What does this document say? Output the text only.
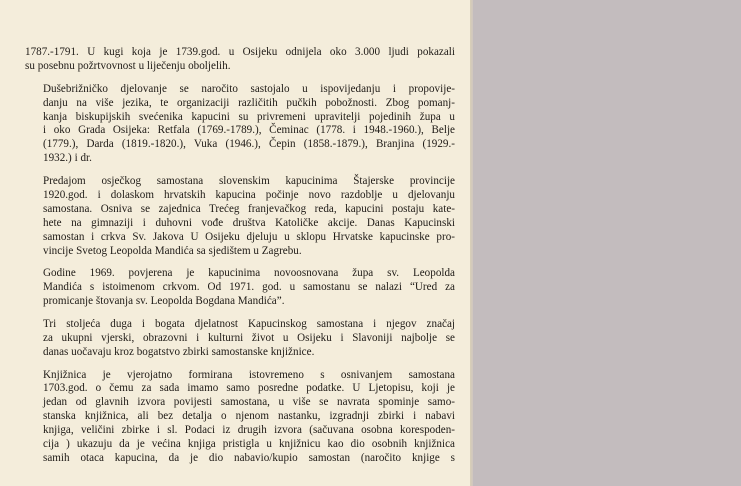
1787.-1791. U kugi koja je 1739.god. u Osijeku odnijela oko 3.000 ljudi pokazali
su posebnu požrtvovnost u liječenju oboljelih.

Dušebrižničko djelovanje se naročito sastojalo u ispovijedanju i propovije-
danju na više jezika, te organizaciji različitih pučkih pobožnosti. Zbog pomanj-
kanja biskupijskih svećenika kapucini su privremeni upravitelji pojedinih župa u
i oko Grada Osijeka: Retfala (1769.-1789.), Čeminac (1778. i 1948.-1960.), Belje
(1779.), Darda (1819.-1820.), Vuka (1946.), Čepin (1858.-1879.), Branjina (1929.-
1932.) i dr.

Predajom osječkog samostana slovenskim kapucinima Štajerske provincije
1920.god. i dolaskom hrvatskih kapucina počinje novo razdoblje u djelovanju
samostana. Osniva se zajednica Trećeg franjevačkog reda, kapucini postaju kate-
hete na gimnaziji i duhovni vođe društva Katoličke akcije. Danas Kapucinski
samostan i crkva Sv. Jakova U Osijeku djeluju u sklopu Hrvatske kapucinske pro-
vincije Svetog Leopolda Mandića sa sjedištem u Zagrebu.

Godine 1969. povjerena je kapucinima novoosnovana župa sv. Leopolda
Mandića s istoimenom crkvom. Od 1971. god. u samostanu se nalazi “Ured za
promicanje štovanja sv. Leopolda Bogdana Mandića”.

Tri stoljeća duga i bogata djelatnost Kapucinskog samostana i njegov značaj
za ukupni vjerski, obrazovni i kulturni život u Osijeku i Slavoniji najbolje se
danas uočavaju kroz bogatstvo zbirki samostanske knjižnice.

Knjižnica je vjerojatno formirana istovremeno s osnivanjem samostana
1703.god. o čemu za sada imamo samo posredne podatke. U Ljetopisu, koji je
jedan od glavnih izvora povijesti samostana, u više se navrata spominje samo-
stanska knjižnica, ali bez detalja o njenom nastanku, izgradnji zbirki i nabavi
knjiga, veličini zbirke i sl. Podaci iz drugih izvora (sačuvana osobna korespoden-
cija ) ukazuju da je većina knjiga pristigla u knjižnicu kao dio osobnih knjižnica
samih otaca kapucina, da je dio nabavio/kupio samostan (naročito knjige s
